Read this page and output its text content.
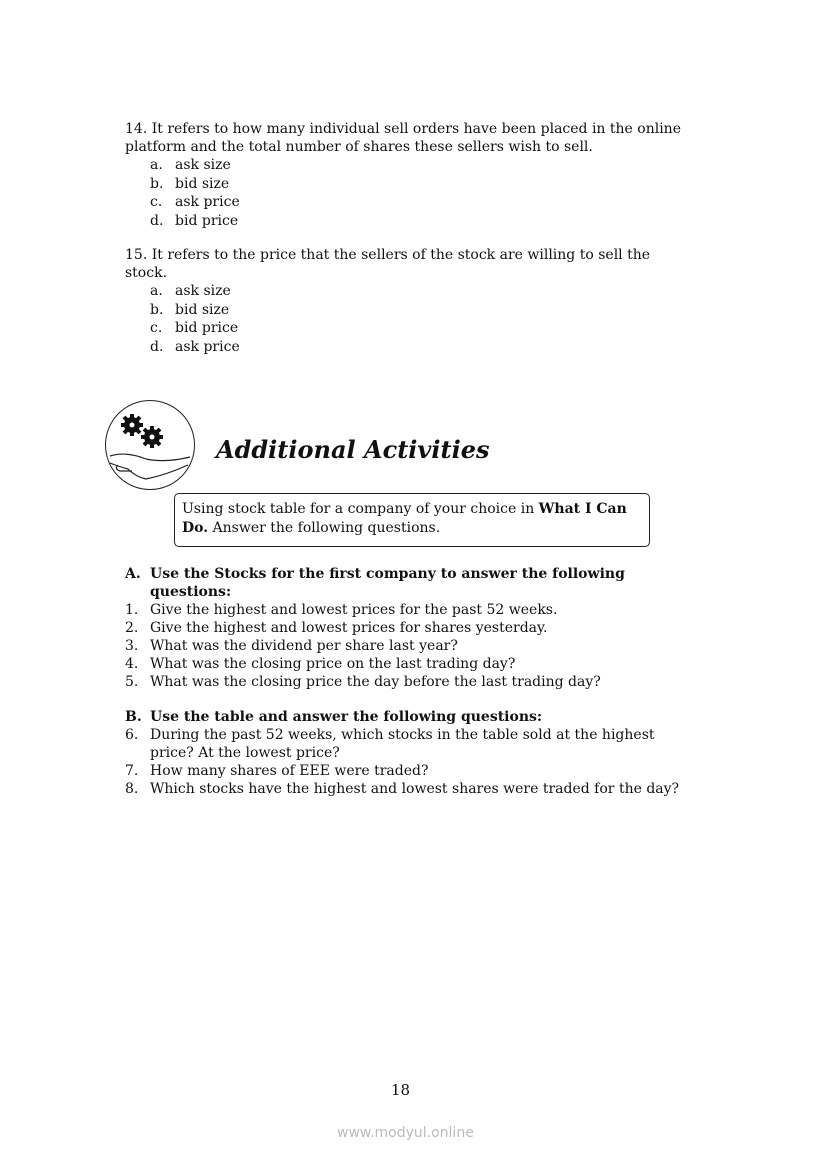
14. It refers to how many individual sell orders have been placed in the online platform and the total number of shares these sellers wish to sell.
a. ask size
b. bid size
c. ask price
d. bid price
15. It refers to the price that the sellers of the stock are willing to sell the stock.
a. ask size
b. bid size
c. bid price
d. ask price
Additional Activities
Using stock table for a company of your choice in What I Can Do. Answer the following questions.
A. Use the Stocks for the first company to answer the following questions:
1. Give the highest and lowest prices for the past 52 weeks.
2. Give the highest and lowest prices for shares yesterday.
3. What was the dividend per share last year?
4. What was the closing price on the last trading day?
5. What was the closing price the day before the last trading day?
B. Use the table and answer the following questions:
6. During the past 52 weeks, which stocks in the table sold at the highest price? At the lowest price?
7. How many shares of EEE were traded?
8. Which stocks have the highest and lowest shares were traded for the day?
18
www.modyul.online
